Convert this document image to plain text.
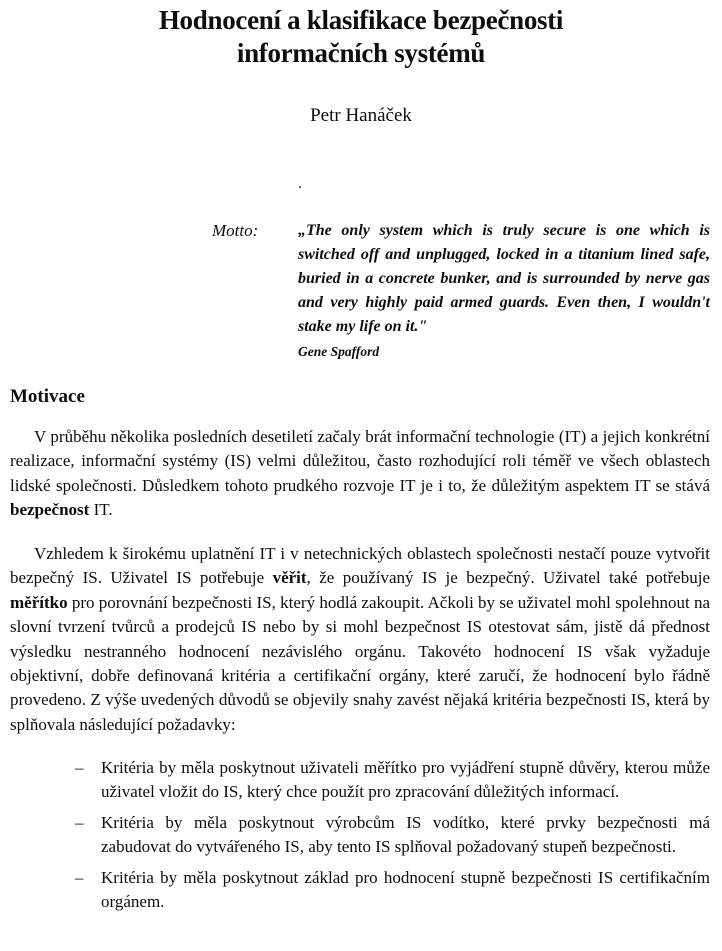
Hodnocení a klasifikace bezpečnosti
informačních systémů
Petr Hanáček
Motto: „The only system which is truly secure is one which is switched off and unplugged, locked in a titanium lined safe, buried in a concrete bunker, and is surrounded by nerve gas and very highly paid armed guards. Even then, I wouldn't stake my life on it."

Gene Spafford
Motivace

V průběhu několika posledních desetiletí začaly brát informační technologie (IT) a jejich konkrétní realizace, informační systémy (IS) velmi důležitou, často rozhodující roli téměř ve všech oblastech lidské společnosti. Důsledkem tohoto prudkého rozvoje IT je i to, že důležitým aspektem IT se stává bezpečnost IT.

Vzhledem k širokému uplatnění IT i v netechnických oblastech společnosti nestačí pouze vytvořit bezpečný IS. Uživatel IS potřebuje věřit, že používaný IS je bezpečný. Uživatel také potřebuje měřítko pro porovnání bezpečnosti IS, který hodlá zakoupit. Ačkoli by se uživatel mohl spolehnout na slovní tvrzení tvůrců a prodejců IS nebo by si mohl bezpečnost IS otestovat sám, jistě dá přednost výsledku nestranného hodnocení nezávislého orgánu. Takovéto hodnocení IS však vyžaduje objektivní, dobře definovaná kritéria a certifikační orgány, které zaručí, že hodnocení bylo řádně provedeno. Z výše uvedených důvodů se objevily snahy zavést nějaká kritéria bezpečnosti IS, která by splňovala následující požadavky:

– Kritéria by měla poskytnout uživateli měřítko pro vyjádření stupně důvěry, kterou může uživatel vložit do IS, který chce použít pro zpracování důležitých informací.
– Kritéria by měla poskytnout výrobcům IS vodítko, které prvky bezpečnosti má zabudovat do vytvářeného IS, aby tento IS splňoval požadovaný stupeň bezpečnosti.
– Kritéria by měla poskytnout základ pro hodnocení stupně bezpečnosti IS certifikačním orgánem.
